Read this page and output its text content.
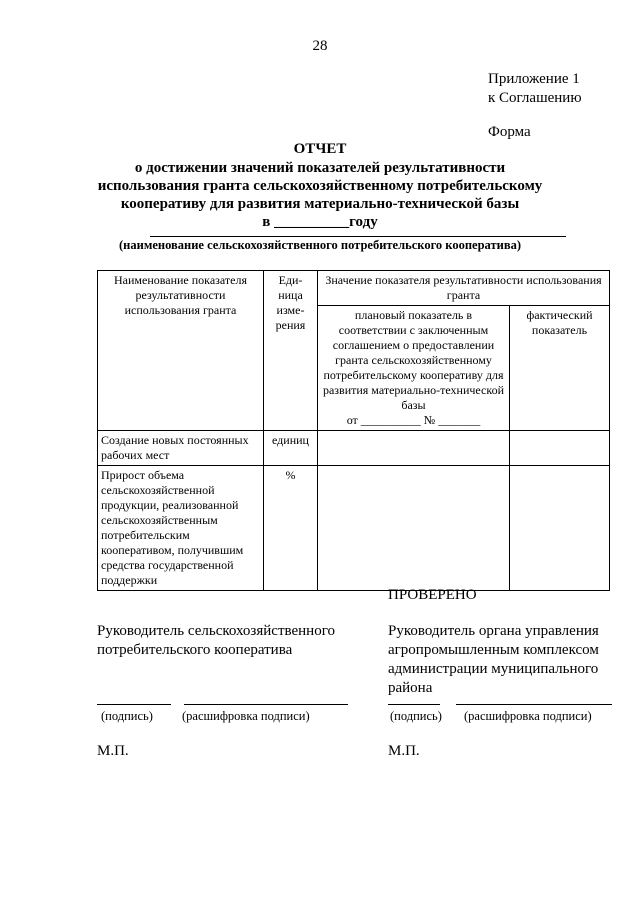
28
Приложение 1
к Соглашению
Форма
ОТЧЕТ
о достижении значений показателей результативности
использования гранта сельскохозяйственному потребительскому
кооперативу для развития материально-технической базы
в __________году
(наименование сельскохозяйственного потребительского кооператива)
Наименование показателя результативности использования гранта	Еди-ница изме-рения	Значение показателя результативности использования гранта	

		плановый показатель в соответствии с заключенным соглашением о предоставлении гранта сельскохозяйственному потребительскому кооперативу для развития материально-технической базы
от __________ № _______	фактический показатель
Создание новых постоянных рабочих мест	единиц		
Прирост объема сельскохозяйственной продукции, реализованной сельскохозяйственным потребительским кооперативом, получившим средства государственной поддержки	%		
ПРОВЕРЕНО
Руководитель сельскохозяйственного потребительского кооператива
Руководитель органа управления агропромышленным комплексом администрации муниципального района
(подпись) (расшифровка подписи)	(подпись) (расшифровка подписи)
М.П.	М.П.
